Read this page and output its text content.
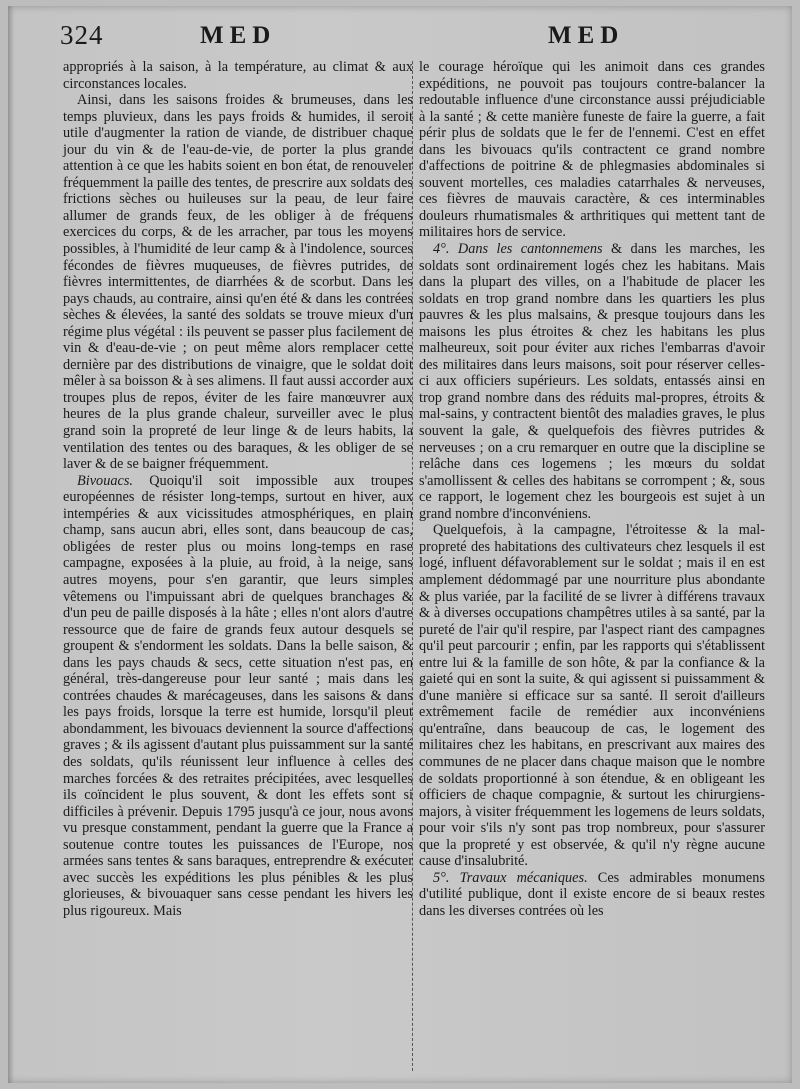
324	MED	MED

appropriés à la saison, à la température, au climat & aux circonstances locales.

Ainsi, dans les saisons froides & brumeuses, dans les temps pluvieux, dans les pays froids & humides, il seroit utile d'augmenter la ration de viande, de distribuer chaque jour du vin & de l'eau-de-vie, de porter la plus grande attention à ce que les habits soient en bon état, de renouveler fréquemment la paille des tentes, de prescrire aux soldats des frictions sèches ou huileuses sur la peau, de leur faire allumer de grands feux, de les obliger à de fréquens exercices du corps, & de les arracher, par tous les moyens possibles, à l'humidité de leur camp & à l'indolence, sources fécondes de fièvres muqueuses, de fièvres putrides, de fièvres intermittentes, de diarrhées & de scorbut. Dans les pays chauds, au contraire, ainsi qu'en été & dans les contrées sèches & élevées, la santé des soldats se trouve mieux d'un régime plus végétal : ils peuvent se passer plus facilement de vin & d'eau-de-vie ; on peut même alors remplacer cette dernière par des distributions de vinaigre, que le soldat doit mêler à sa boisson & à ses alimens. Il faut aussi accorder aux troupes plus de repos, éviter de les faire manœuvrer aux heures de la plus grande chaleur, surveiller avec le plus grand soin la propreté de leur linge & de leurs habits, la ventilation des tentes ou des baraques, & les obliger de se laver & de se baigner fréquemment.

Bivouacs. Quoiqu'il soit impossible aux troupes européennes de résister long-temps, surtout en hiver, aux intempéries & aux vicissitudes atmosphériques, en plain champ, sans aucun abri, elles sont, dans beaucoup de cas, obligées de rester plus ou moins long-temps en rase campagne, exposées à la pluie, au froid, à la neige, sans autres moyens, pour s'en garantir, que leurs simples vêtemens ou l'impuissant abri de quelques branchages & d'un peu de paille disposés à la hâte ; elles n'ont alors d'autre ressource que de faire de grands feux autour desquels se groupent & s'endorment les soldats. Dans la belle saison, & dans les pays chauds & secs, cette situation n'est pas, en général, très-dangereuse pour leur santé ; mais dans les contrées chaudes & marécageuses, dans les saisons & dans les pays froids, lorsque la terre est humide, lorsqu'il pleut abondamment, les bivouacs deviennent la source d'affections graves ; & ils agissent d'autant plus puissamment sur la santé des soldats, qu'ils réunissent leur influence à celles des marches forcées & des retraites précipitées, avec lesquelles ils coïncident le plus souvent, & dont les effets sont si difficiles à prévenir. Depuis 1795 jusqu'à ce jour, nous avons vu presque constamment, pendant la guerre que la France a soutenue contre toutes les puissances de l'Europe, nos armées sans tentes & sans baraques, entreprendre & exécuter avec succès les expéditions les plus pénibles & les plus glorieuses, & bivouaquer sans cesse pendant les hivers les plus rigoureux. Mais

le courage héroïque qui les animoit dans ces grandes expéditions, ne pouvoit pas toujours contre-balancer la redoutable influence d'une circonstance aussi préjudiciable à la santé ; & cette manière funeste de faire la guerre, a fait périr plus de soldats que le fer de l'ennemi. C'est en effet dans les bivouacs qu'ils contractent ce grand nombre d'affections de poitrine & de phlegmasies abdominales si souvent mortelles, ces maladies catarrhales & nerveuses, ces fièvres de mauvais caractère, & ces interminables douleurs rhumatismales & arthritiques qui mettent tant de militaires hors de service.

4°. Dans les cantonnemens & dans les marches, les soldats sont ordinairement logés chez les habitans. Mais dans la plupart des villes, on a l'habitude de placer les soldats en trop grand nombre dans les quartiers les plus pauvres & les plus malsains, & presque toujours dans les maisons les plus étroites & chez les habitans les plus malheureux, soit pour éviter aux riches l'embarras d'avoir des militaires dans leurs maisons, soit pour réserver celles-ci aux officiers supérieurs. Les soldats, entassés ainsi en trop grand nombre dans des réduits mal-propres, étroits & mal-sains, y contractent bientôt des maladies graves, le plus souvent la gale, & quelquefois des fièvres putrides & nerveuses ; on a cru remarquer en outre que la discipline se relâche dans ces logemens ; les mœurs du soldat s'amollissent & celles des habitans se corrompent ; &, sous ce rapport, le logement chez les bourgeois est sujet à un grand nombre d'inconvéniens.

Quelquefois, à la campagne, l'étroitesse & la mal-propreté des habitations des cultivateurs chez lesquels il est logé, influent défavorablement sur le soldat ; mais il en est amplement dédommagé par une nourriture plus abondante & plus variée, par la facilité de se livrer à différens travaux & à diverses occupations champêtres utiles à sa santé, par la pureté de l'air qu'il respire, par l'aspect riant des campagnes qu'il peut parcourir ; enfin, par les rapports qui s'établissent entre lui & la famille de son hôte, & par la confiance & la gaieté qui en sont la suite, & qui agissent si puissamment & d'une manière si efficace sur sa santé. Il seroit d'ailleurs extrêmement facile de remédier aux inconvéniens qu'entraîne, dans beaucoup de cas, le logement des militaires chez les habitans, en prescrivant aux maires des communes de ne placer dans chaque maison que le nombre de soldats proportionné à son étendue, & en obligeant les officiers de chaque compagnie, & surtout les chirurgiens-majors, à visiter fréquemment les logemens de leurs soldats, pour voir s'ils n'y sont pas trop nombreux, pour s'assurer que la propreté y est observée, & qu'il n'y règne aucune cause d'insalubrité.

5°. Travaux mécaniques. Ces admirables monumens d'utilité publique, dont il existe encore de si beaux restes dans les diverses contrées où les
